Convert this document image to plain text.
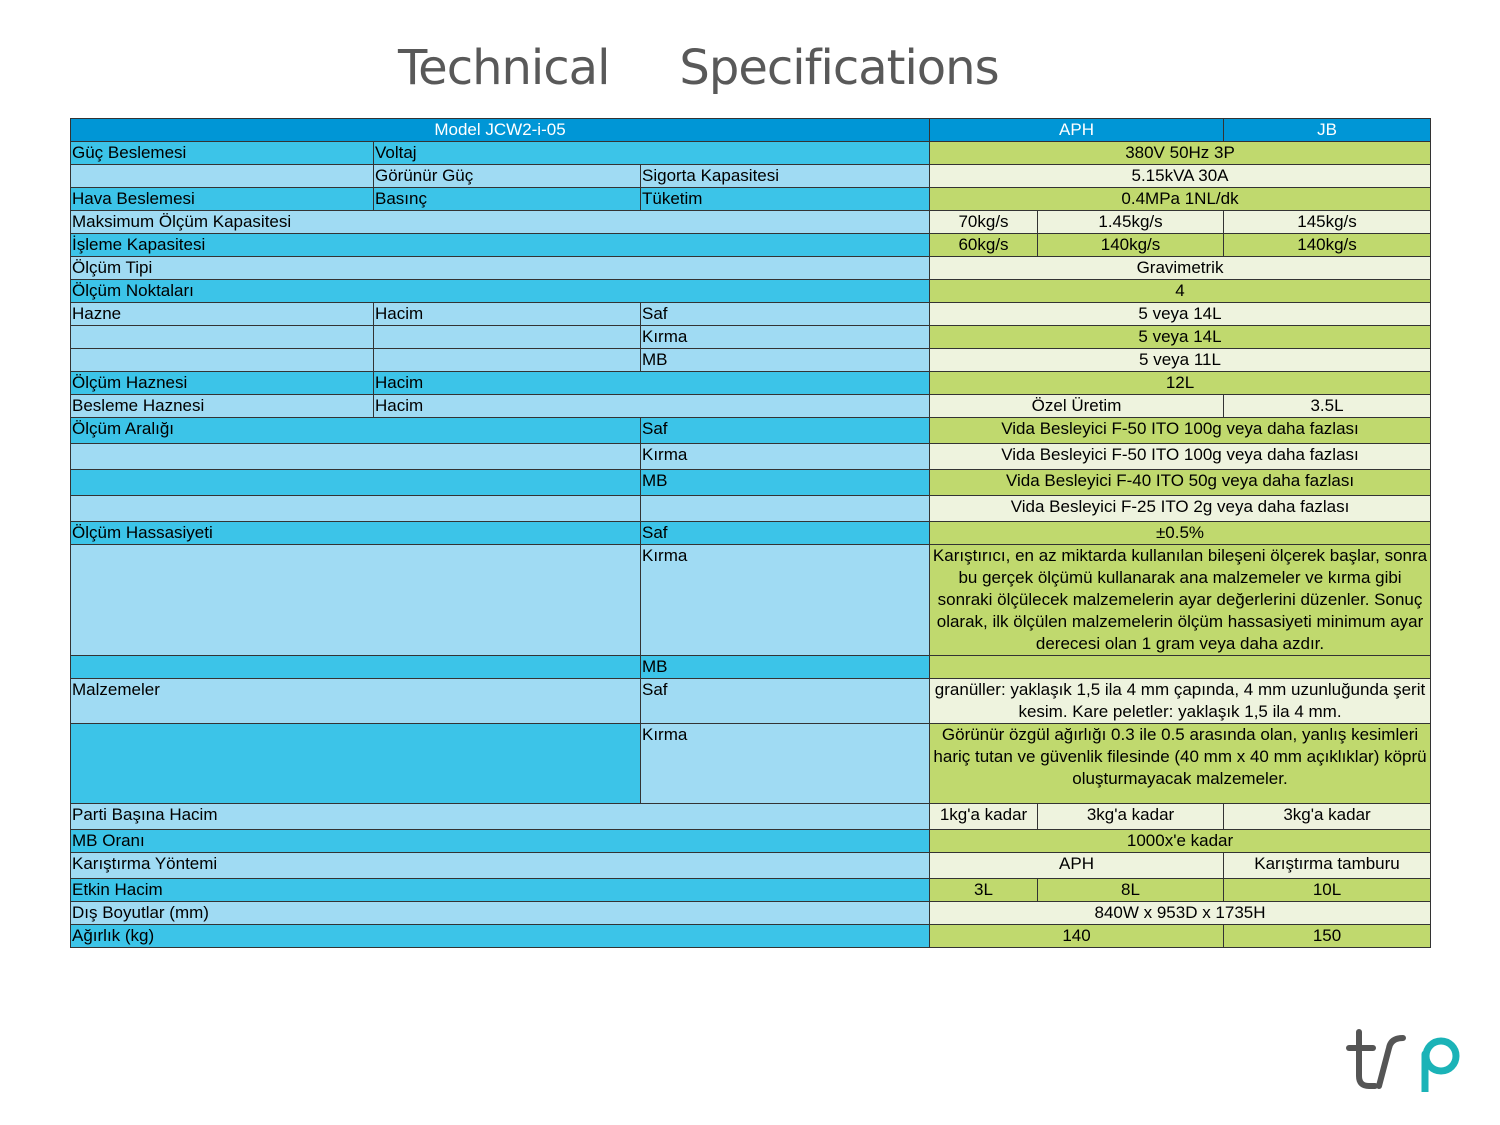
Technical Specifications
Model JCW2-i-05			APH		JB
Güç Beslemesi	Voltaj		380V 50Hz 3P		
	Görünür Güç	Sigorta Kapasitesi	5.15kVA 30A		
Hava Beslemesi	Basınç	Tüketim	0.4MPa 1NL/dk		
Maksimum Ölçüm Kapasitesi			70kg/s	1.45kg/s	145kg/s
İşleme Kapasitesi			60kg/s	140kg/s	140kg/s
Ölçüm Tipi			Gravimetrik		
Ölçüm Noktaları			4		
Hazne	Hacim	Saf	5 veya 14L		
		Kırma	5 veya 14L		
		MB	5 veya 11L		
Ölçüm Haznesi	Hacim		12L		
Besleme Haznesi	Hacim		Özel Üretim		3.5L
Ölçüm Aralığı		Saf	Vida Besleyici F-50 ITO 100g veya daha fazlası		
		Kırma	Vida Besleyici F-50 ITO 100g veya daha fazlası		
		MB	Vida Besleyici F-40 ITO 50g veya daha fazlası		
			Vida Besleyici F-25 ITO 2g veya daha fazlası		
Ölçüm Hassasiyeti		Saf	±0.5%		
		Kırma	Karıştırıcı, en az miktarda kullanılan bileşeni ölçerek başlar, sonra bu gerçek ölçümü kullanarak ana malzemeler ve kırma gibi sonraki ölçülecek malzemelerin ayar değerlerini düzenler. Sonuç olarak, ilk ölçülen malzemelerin ölçüm hassasiyeti minimum ayar derecesi olan 1 gram veya daha azdır.		
		MB			
Malzemeler		Saf	granüller: yaklaşık 1,5 ila 4 mm çapında, 4 mm uzunluğunda şerit kesim. Kare peletler: yaklaşık 1,5 ila 4 mm.		
		Kırma	Görünür özgül ağırlığı 0.3 ile 0.5 arasında olan, yanlış kesimleri hariç tutan ve güvenlik filesinde (40 mm x 40 mm açıklıklar) köprü oluşturmayacak malzemeler.		
Parti Başına Hacim			1kg'a kadar	3kg'a kadar	3kg'a kadar
MB Oranı			1000x'e kadar		
Karıştırma Yöntemi			APH		Karıştırma tamburu
Etkin Hacim			3L	8L	10L
Dış Boyutlar (mm)			840W x 953D x 1735H		
Ağırlık (kg)			140		150
